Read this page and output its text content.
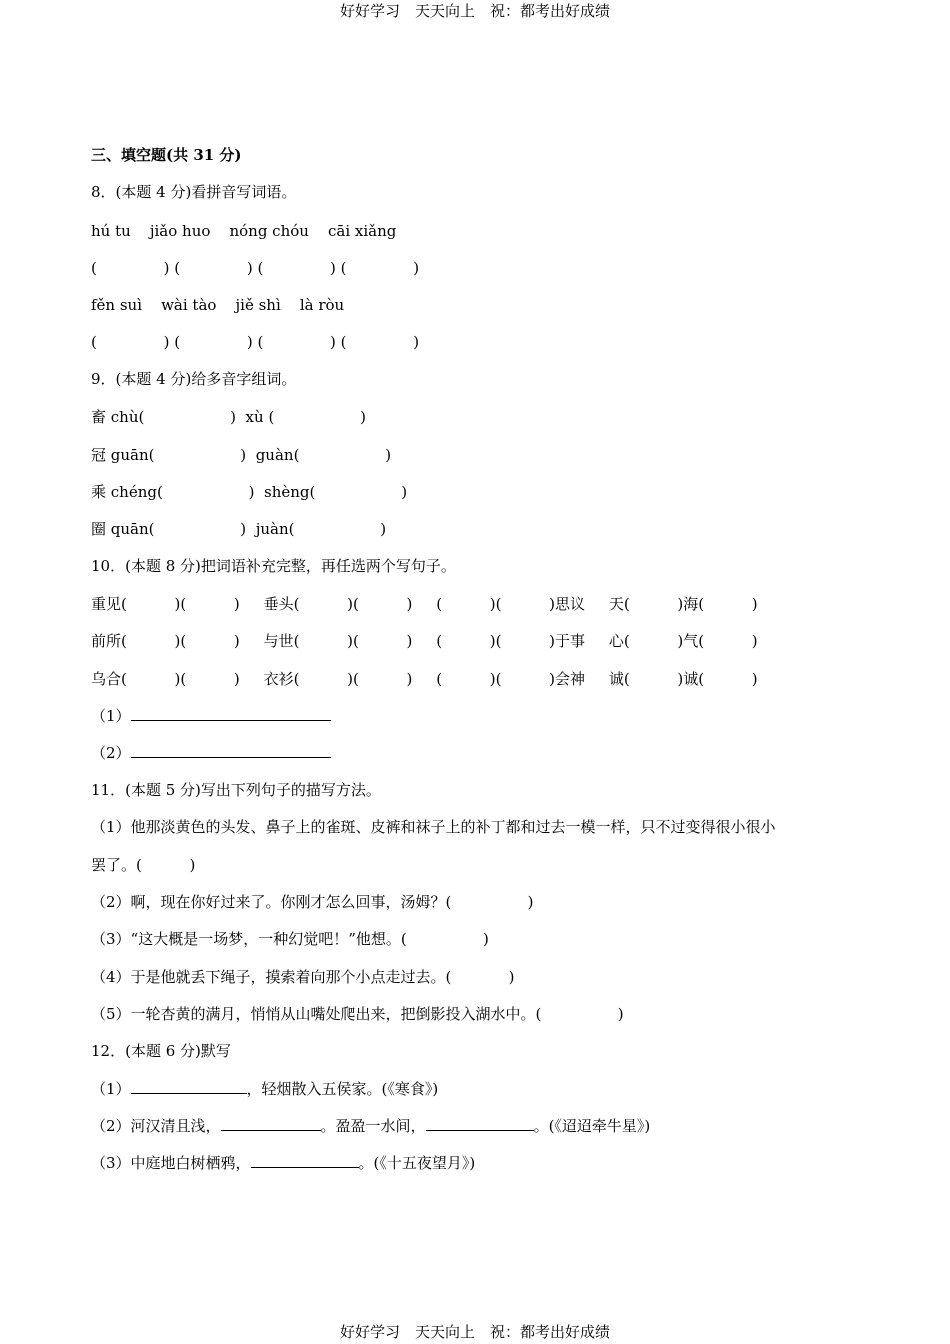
好好学习　天天向上　祝：都考出好成绩
三、填空题(共 31 分)
8．(本题 4 分)看拼音写词语。
hú tu    jiǎo huo    nóng chóu    cāi xiǎng
(              ) (              ) (              ) (              )
fěn suì    wài tào    jiě shì    là ròu
(              ) (              ) (              ) (              )
9．(本题 4 分)给多音字组词。
畜 chù(                  )  xù (                  )
冠 guān(                  )  guàn(                  )
乘 chéng(                  )  shèng(                  )
圈 quān(                  )  juàn(                  )
10．(本题 8 分)把词语补充完整，再任选两个写句子。
重见(          )(          )     垂头(          )(          )     (          )(          )思议     天(          )海(          )
前所(          )(          )     与世(          )(          )     (          )(          )于事     心(          )气(          )
乌合(          )(          )     衣衫(          )(          )     (          )(          )会神     诚(          )诚(          )
（1）
（2）
11．(本题 5 分)写出下列句子的描写方法。
（1）他那淡黄色的头发、鼻子上的雀斑、皮裤和袜子上的补丁都和过去一模一样，只不过变得很小很小
罢了。(          )
（2）啊，现在你好过来了。你刚才怎么回事，汤姆？(                )
（3）“这大概是一场梦，一种幻觉吧！”他想。(                )
（4）于是他就丢下绳子，摸索着向那个小点走过去。(            )
（5）一轮杏黄的满月，悄悄从山嘴处爬出来，把倒影投入湖水中。(                )
12．(本题 6 分)默写
（1）	，轻烟散入五侯家。(《寒食》)
（2）河汉清且浅，	。盈盈一水间，	。(《迢迢牵牛星》)
（3）中庭地白树栖鸦，	。(《十五夜望月》)
好好学习　天天向上　祝：都考出好成绩
